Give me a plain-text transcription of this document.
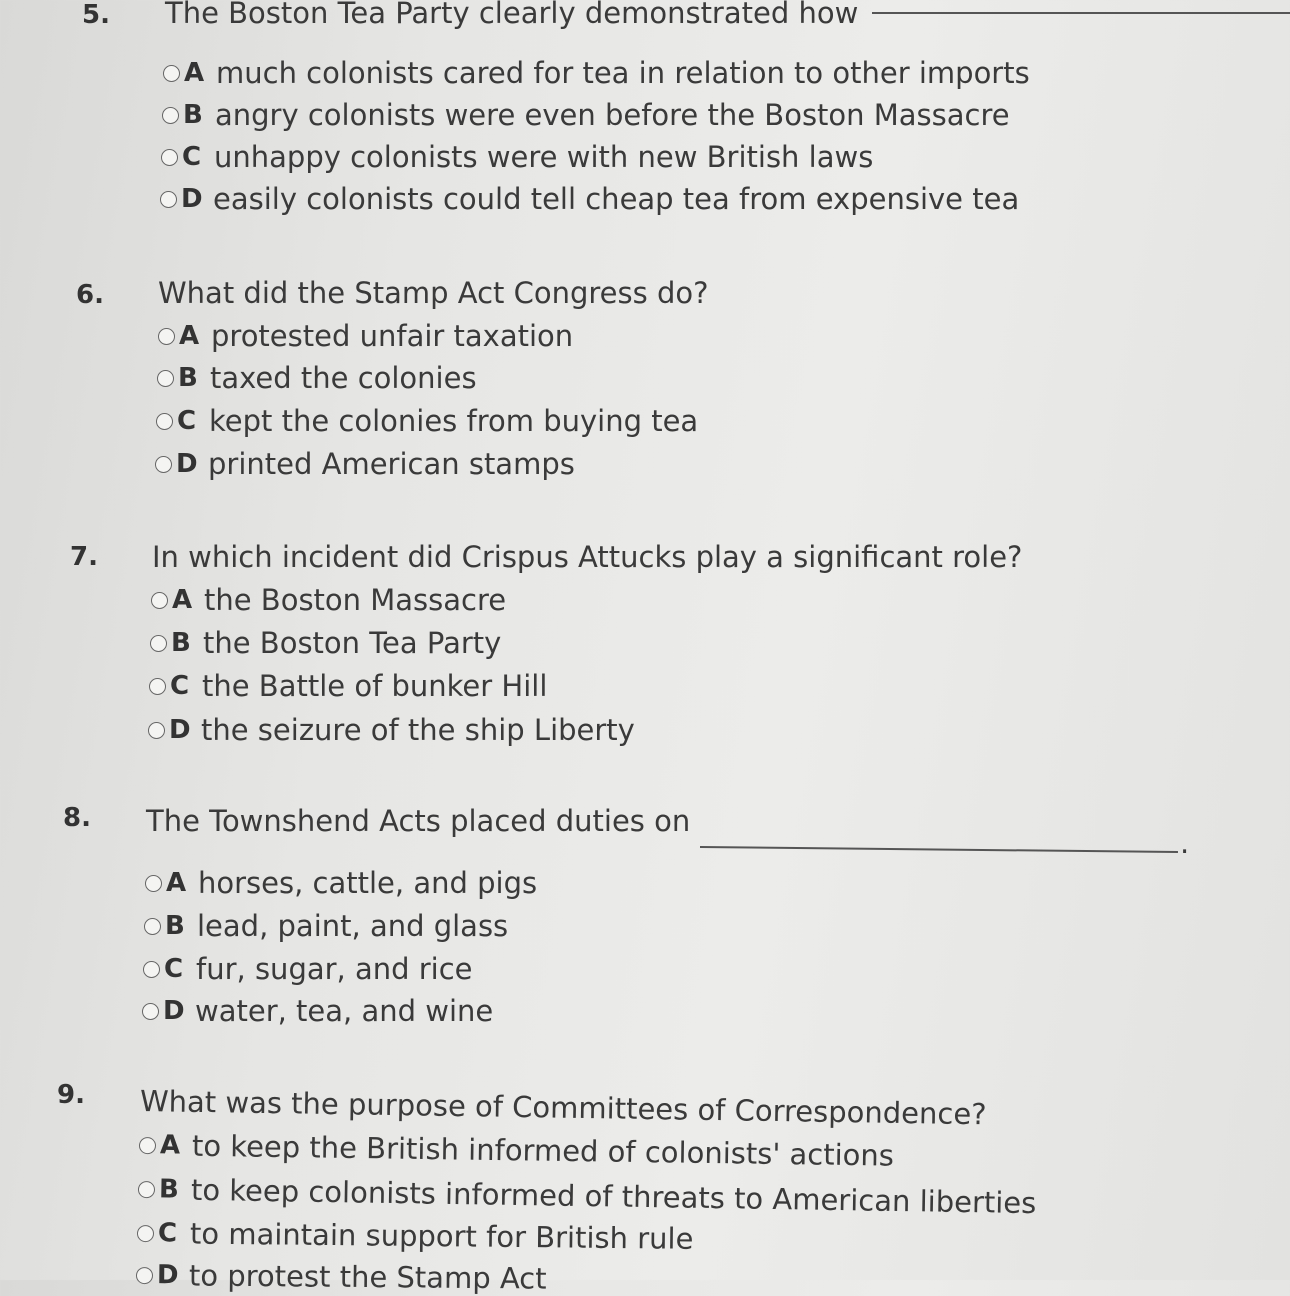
5. The Boston Tea Party clearly demonstrated how
A much colonists cared for tea in relation to other imports
B angry colonists were even before the Boston Massacre
C unhappy colonists were with new British laws
D easily colonists could tell cheap tea from expensive tea
6. What did the Stamp Act Congress do?
A protested unfair taxation
B taxed the colonies
C kept the colonies from buying tea
D printed American stamps
7. In which incident did Crispus Attucks play a significant role?
A the Boston Massacre
B the Boston Tea Party
C the Battle of bunker Hill
D the seizure of the ship Liberty
8. The Townshend Acts placed duties on
.
A horses, cattle, and pigs
B lead, paint, and glass
C fur, sugar, and rice
D water, tea, and wine
9. What was the purpose of Committees of Correspondence?
A to keep the British informed of colonists' actions
B to keep colonists informed of threats to American liberties
C to maintain support for British rule
D to protest the Stamp Act
